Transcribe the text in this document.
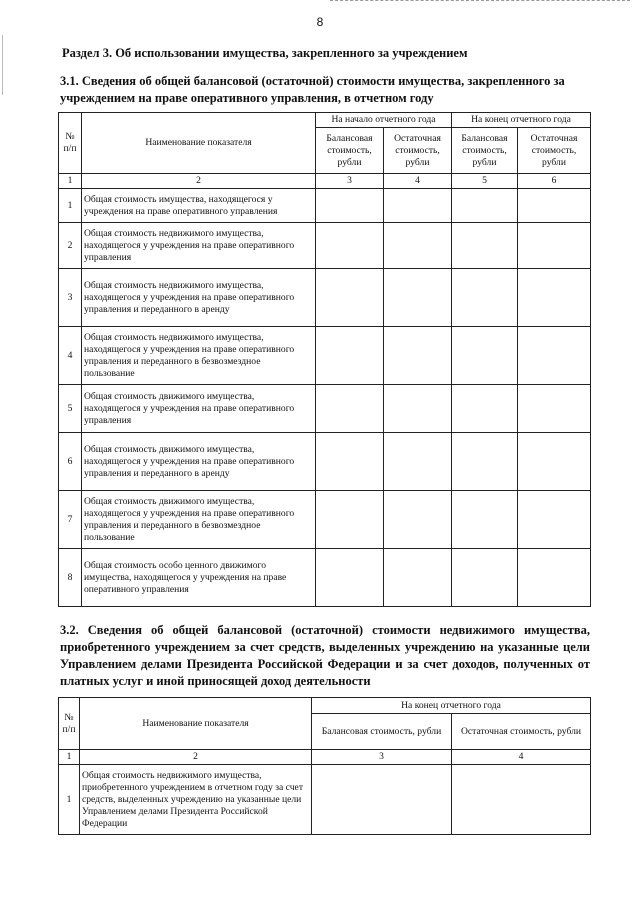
8
Раздел 3. Об использовании имущества, закрепленного за учреждением
3.1. Сведения об общей балансовой (остаточной) стоимости имущества, закрепленного за учреждением на праве оперативного управления, в отчетном году
№ п/п	Наименование показателя	На начало отчетного года		На конец отчетного года	
		Балансовая стоимость, рубли	Остаточная стоимость, рубли	Балансовая стоимость, рубли	Остаточная стоимость, рубли
1	2	3	4	5	6
1	Общая стоимость имущества, находящегося у учреждения на праве оперативного управления				
2	Общая стоимость недвижимого имущества, находящегося у учреждения на праве оперативного управления				
3	Общая стоимость недвижимого имущества, находящегося у учреждения на праве оперативного управления и переданного в аренду				
4	Общая стоимость недвижимого имущества, находящегося у учреждения на праве оперативного управления и переданного в безвозмездное пользование				
5	Общая стоимость движимого имущества, находящегося у учреждения на праве оперативного управления				
6	Общая стоимость движимого имущества, находящегося у учреждения на праве оперативного управления и переданного в аренду				
7	Общая стоимость движимого имущества, находящегося у учреждения на праве оперативного управления и переданного в безвозмездное пользование				
8	Общая стоимость особо ценного движимого имущества, находящегося у учреждения на праве оперативного управления				
3.2. Сведения об общей балансовой (остаточной) стоимости недвижимого имущества, приобретенного учреждением за счет средств, выделенных учреждению на указанные цели Управлением делами Президента Российской Федерации и за счет доходов, полученных от платных услуг и иной приносящей доход деятельности
№ п/п	Наименование показателя	На конец отчетного года	
		Балансовая стоимость, рубли	Остаточная стоимость, рубли
1	2	3	4
1	Общая стоимость недвижимого имущества, приобретенного учреждением в отчетном году за счет средств, выделенных учреждению на указанные цели Управлением делами Президента Российской Федерации		
